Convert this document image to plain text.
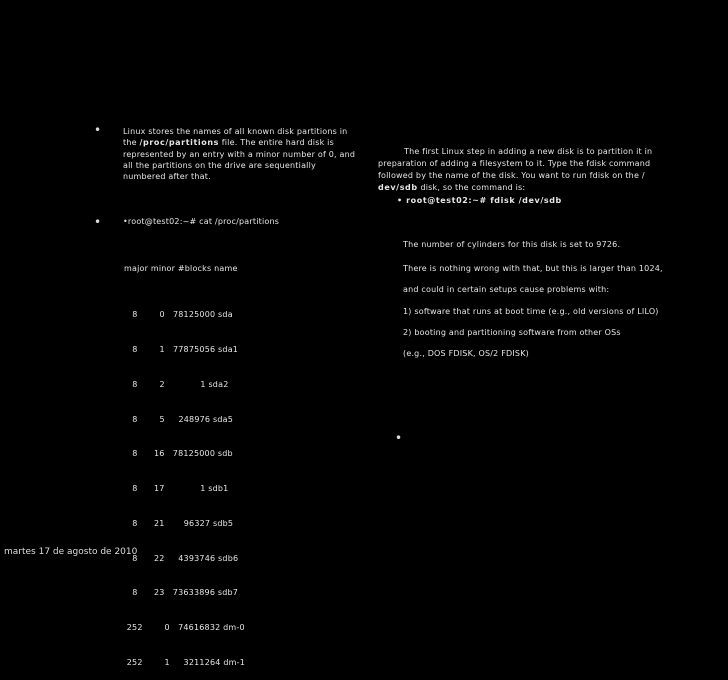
•
•
Linux stores the names of all known disk partitions in
the /proc/partitions file. The entire hard disk is
represented by an entry with a minor number of 0, and
all the partitions on the drive are sequentially
numbered after that.
•root@test02:~# cat /proc/partitions
major minor #blocks name

8        0   78125000 sda

8        1   77875056 sda1

8        2             1 sda2

8        5     248976 sda5

8      16   78125000 sdb

8      17             1 sdb1

8      21       96327 sdb5

8      22     4393746 sdb6

8      23   73633896 sdb7

252        0   74616832 dm-0

252        1     3211264 dm-1

The first Linux step in adding a new disk is to partition it in
preparation of adding a filesystem to it. Type the fdisk command
followed by the name of the disk. You want to run fdisk on the /
dev/sdb disk, so the command is:
• root@test02:~# fdisk /dev/sdb
The number of cylinders for this disk is set to 9726.
There is nothing wrong with that, but this is larger than 1024,
and could in certain setups cause problems with:
1) software that runs at boot time (e.g., old versions of LILO)
2) booting and partitioning software from other OSs
(e.g., DOS FDISK, OS/2 FDISK)
•
martes 17 de agosto de 2010
